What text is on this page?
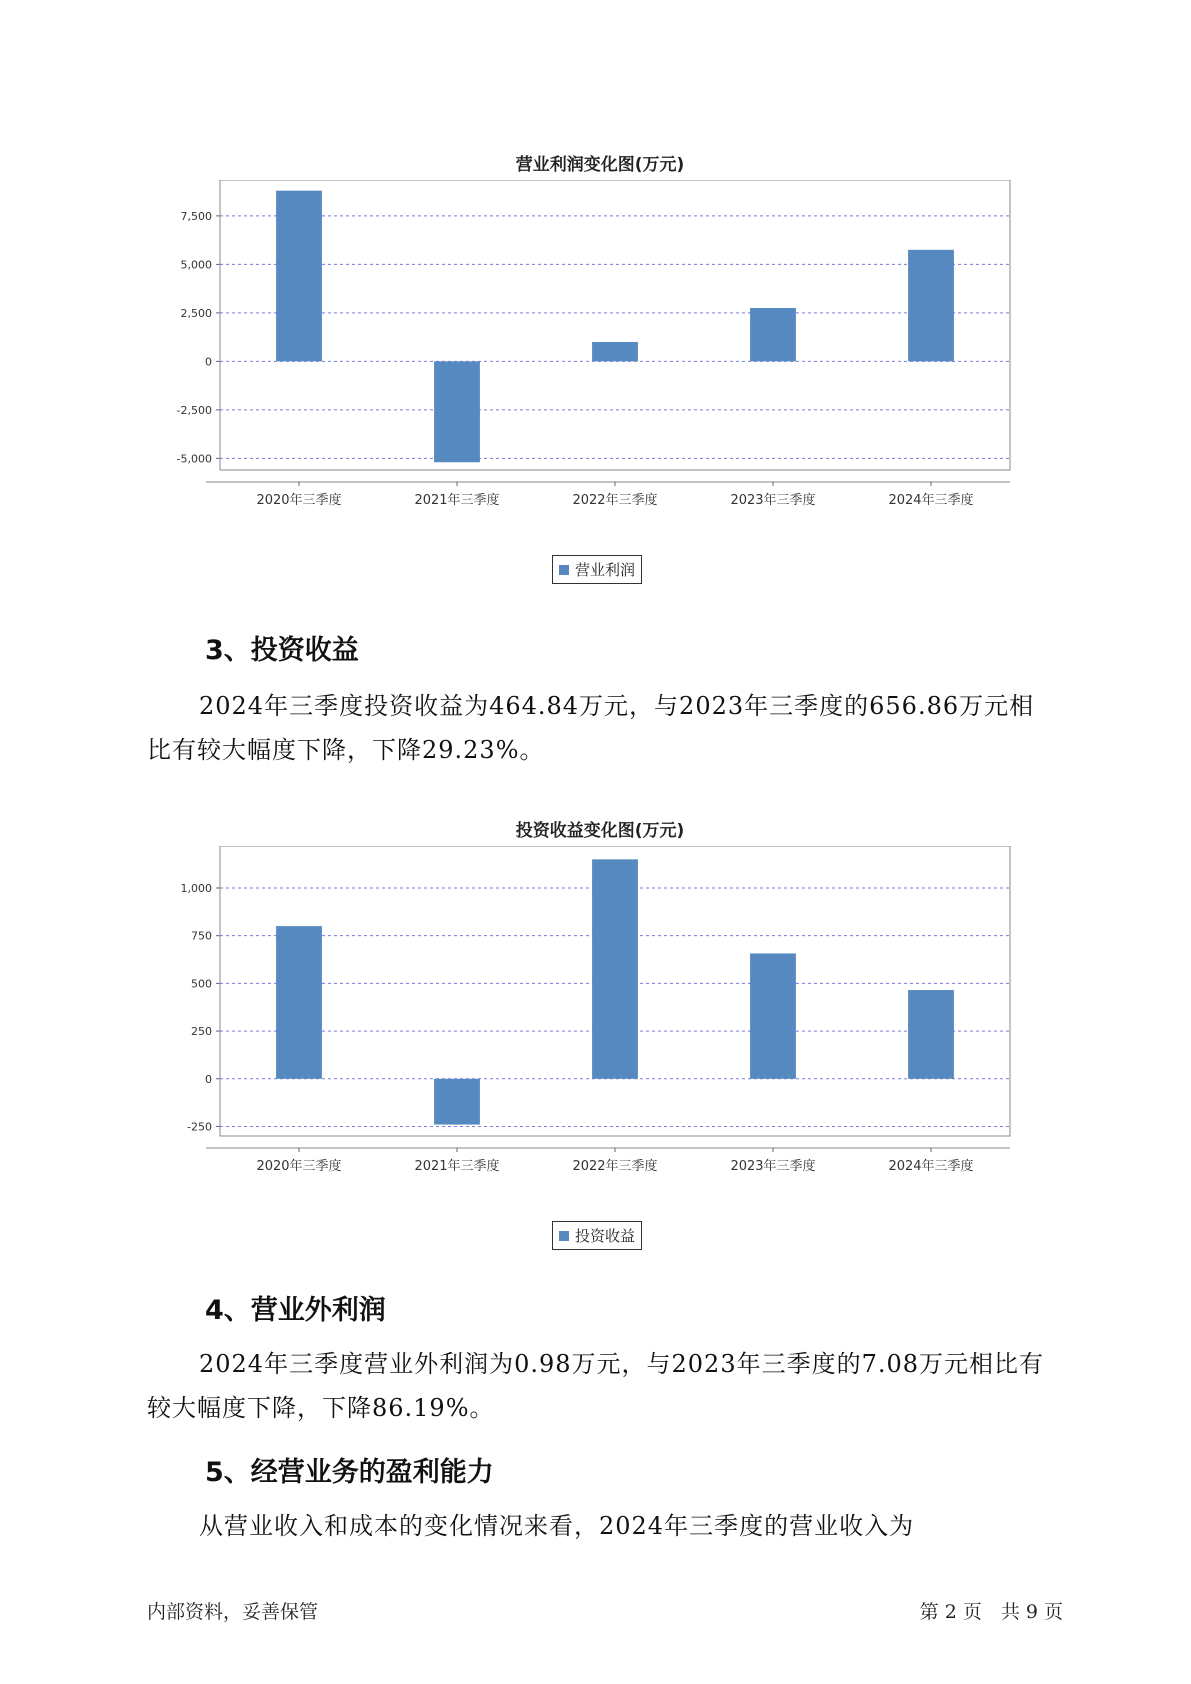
营业利润变化图(万元)
7,500
5,000
2,500
0
-2,500
-5,000
2020年三季度	2021年三季度	2022年三季度	2023年三季度	2024年三季度
营业利润
3、投资收益

2024年三季度投资收益为464.84万元，与2023年三季度的656.86万元相比有较大幅度下降，下降29.23%。

投资收益变化图(万元)
1,000
750
500
250
0
-250
2020年三季度	2021年三季度	2022年三季度	2023年三季度	2024年三季度
投资收益
4、营业外利润

2024年三季度营业外利润为0.98万元，与2023年三季度的7.08万元相比有较大幅度下降，下降86.19%。

5、经营业务的盈利能力

从营业收入和成本的变化情况来看，2024年三季度的营业收入为

内部资料，妥善保管	第 2 页　共 9 页
